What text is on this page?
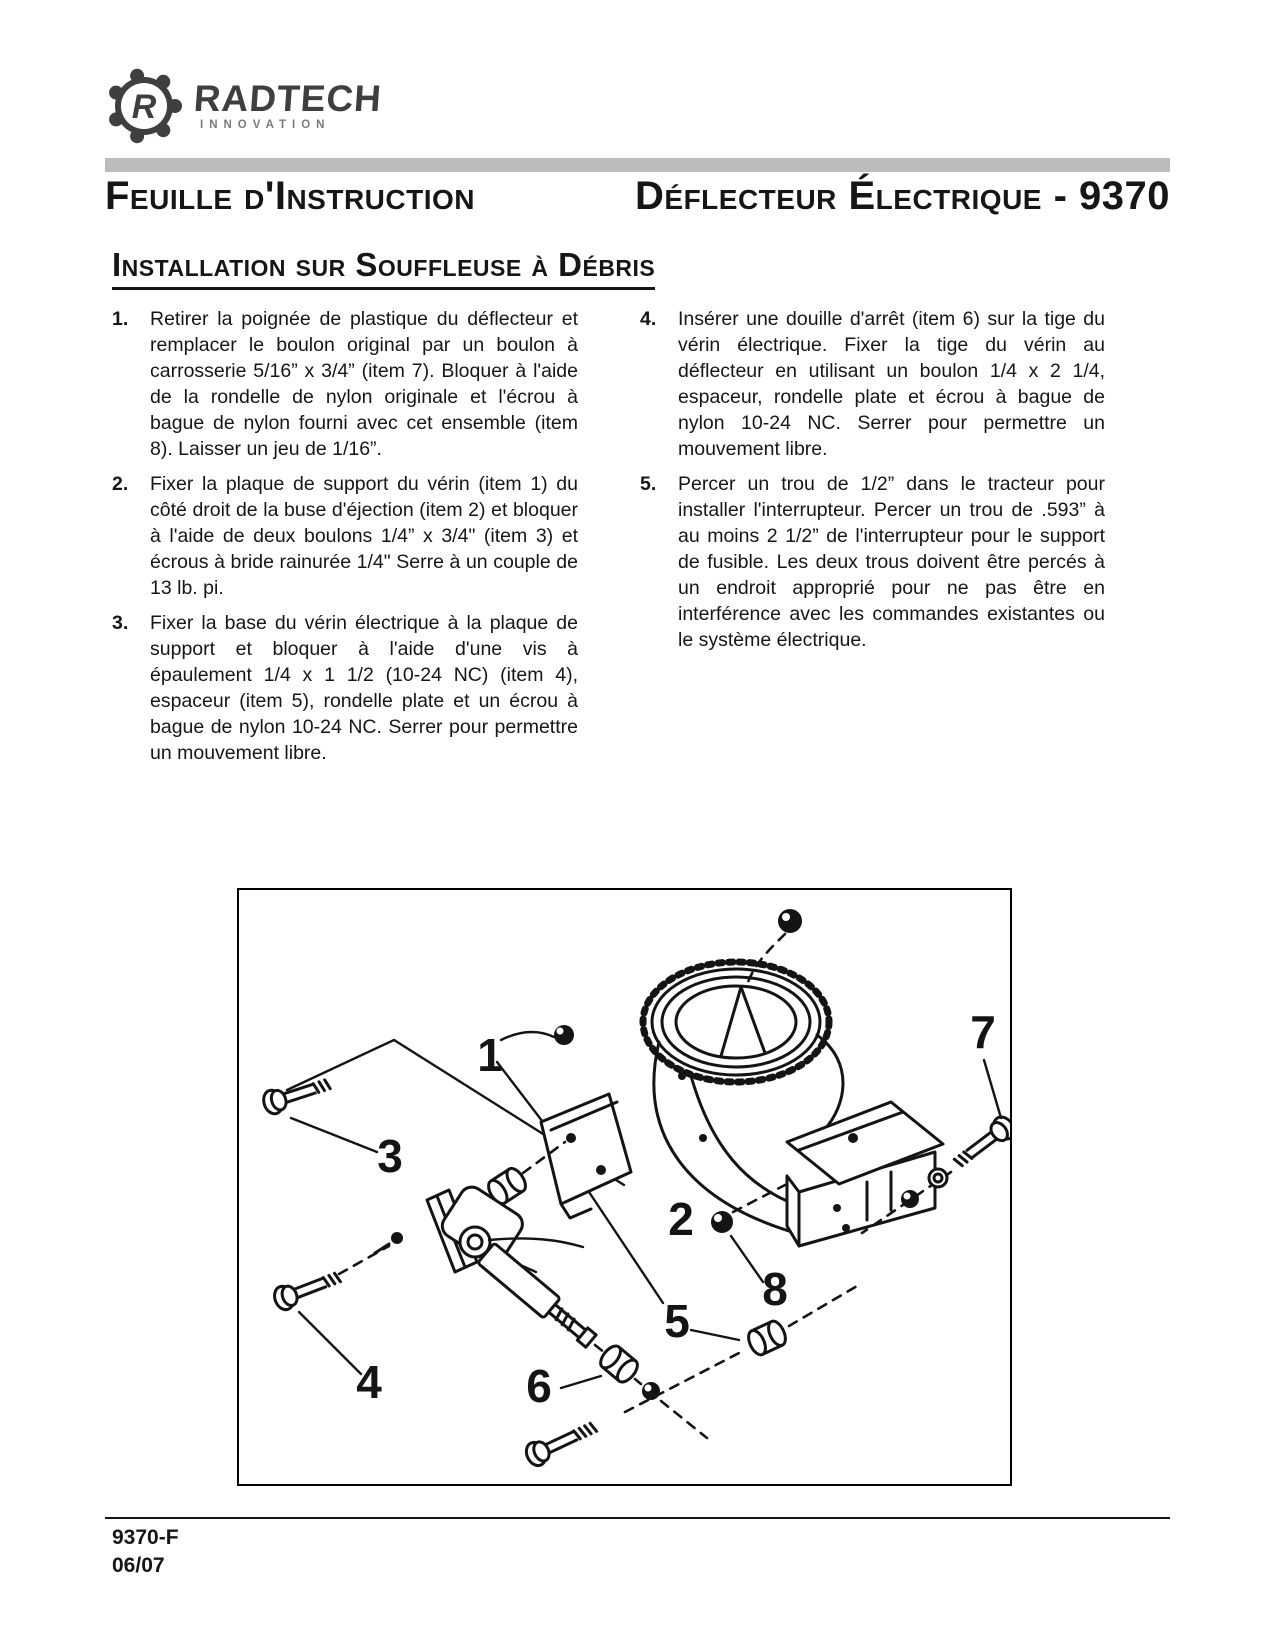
R RADTECH
INNOVATION
Feuille d'Instruction	Déflecteur Électrique - 9370
Installation sur Souffleuse à Débris
1.	Retirer la poignée de plastique du déflecteur et remplacer le boulon original par un boulon à carrosserie 5/16” x 3/4” (item 7). Bloquer à l'aide de la rondelle de nylon originale et l'écrou à bague de nylon fourni avec cet ensemble (item 8). Laisser un jeu de 1/16”.
2.	Fixer la plaque de support du vérin (item 1) du côté droit de la buse d'éjection (item 2) et bloquer à l'aide de deux boulons 1/4” x 3/4" (item 3) et écrous à bride rainurée 1/4" Serre à un couple de 13 lb. pi.
3.	Fixer la base du vérin électrique à la plaque de support et bloquer à l'aide d'une vis à épaulement 1/4 x 1 1/2 (10-24 NC) (item 4), espaceur (item 5), rondelle plate et un écrou à bague de nylon 10-24 NC. Serrer pour permettre un mouvement libre.
4.	Insérer une douille d'arrêt (item 6) sur la tige du vérin électrique. Fixer la tige du vérin au déflecteur en utilisant un boulon 1/4 x 2 1/4, espaceur, rondelle plate et écrou à bague de nylon 10-24 NC. Serrer pour permettre un mouvement libre.
5.	Percer un trou de 1/2” dans le tracteur pour installer l'interrupteur. Percer un trou de .593” à au moins 2 1/2” de l'interrupteur pour le support de fusible. Les deux trous doivent être percés à un endroit approprié pour ne pas être en interférence avec les commandes existantes ou le système électrique.
1
2
3
4
5
6
7
8
9370-F
06/07
